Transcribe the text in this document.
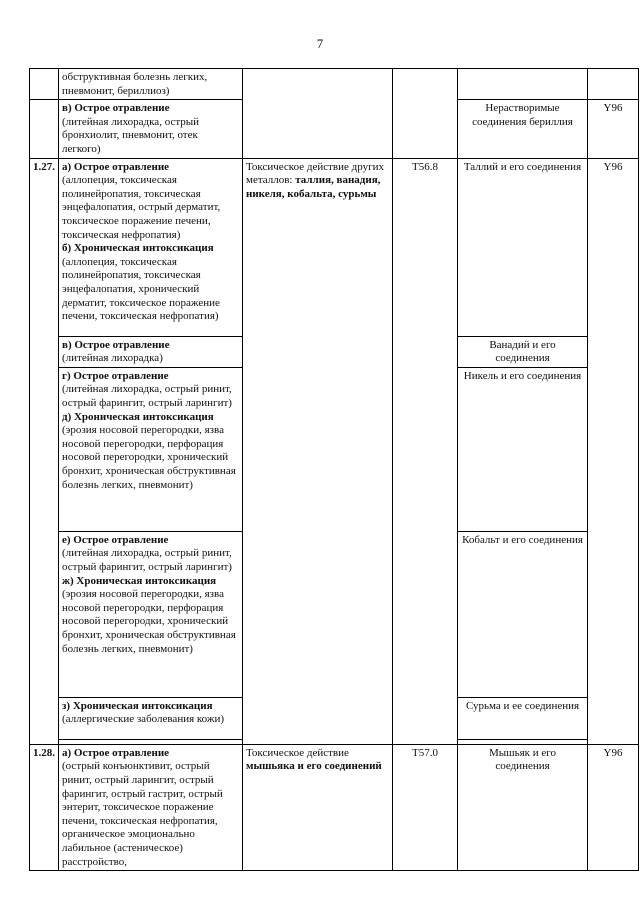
7
	обструктивная болезнь легких, пневмонит, бериллиоз)				

	в) Острое отравление
(литейная лихорадка, острый бронхиолит, пневмонит, отек легкого)			Нерастворимые соединения бериллия	Y96
1.27.	а) Острое отравление
(аллопеция, токсическая полинейропатия, токсическая энцефалопатия, острый дерматит, токсическое поражение печени, токсическая нефропатия)
б) Хроническая интоксикация
(аллопеция, токсическая полинейропатия, токсическая энцефалопатия, хронический дерматит, токсическое поражение печени, токсическая нефропатия)	Токсическое действие других металлов: таллия, ванадия, никеля, кобальта, сурьмы	T56.8	Таллий и его соединения	Y96

	в) Острое отравление
(литейная лихорадка)			Ванадий и его соединения	

	г) Острое отравление
(литейная лихорадка, острый ринит, острый фарингит, острый ларингит)
д) Хроническая интоксикация
(эрозия носовой перегородки, язва носовой перегородки, перфорация носовой перегородки, хронический бронхит, хроническая обструктивная болезнь легких, пневмонит)			Никель и его соединения	

	е) Острое отравление
(литейная лихорадка, острый ринит, острый фарингит, острый ларингит)
ж) Хроническая интоксикация
(эрозия носовой перегородки, язва носовой перегородки, перфорация носовой перегородки, хронический бронхит, хроническая обструктивная болезнь легких, пневмонит)			Кобальт и его соединения	

	з) Хроническая интоксикация
(аллергические заболевания кожи)			Сурьма и ее соединения	

1.28.	а) Острое отравление
(острый конъюнктивит, острый ринит, острый ларингит, острый фарингит, острый гастрит, острый энтерит, токсическое поражение печени, токсическая нефропатия, органическое эмоционально лабильное (астеническое) расстройство,	Токсическое действие мышьяка и его соединений	T57.0	Мышьяк и его соединения	Y96
